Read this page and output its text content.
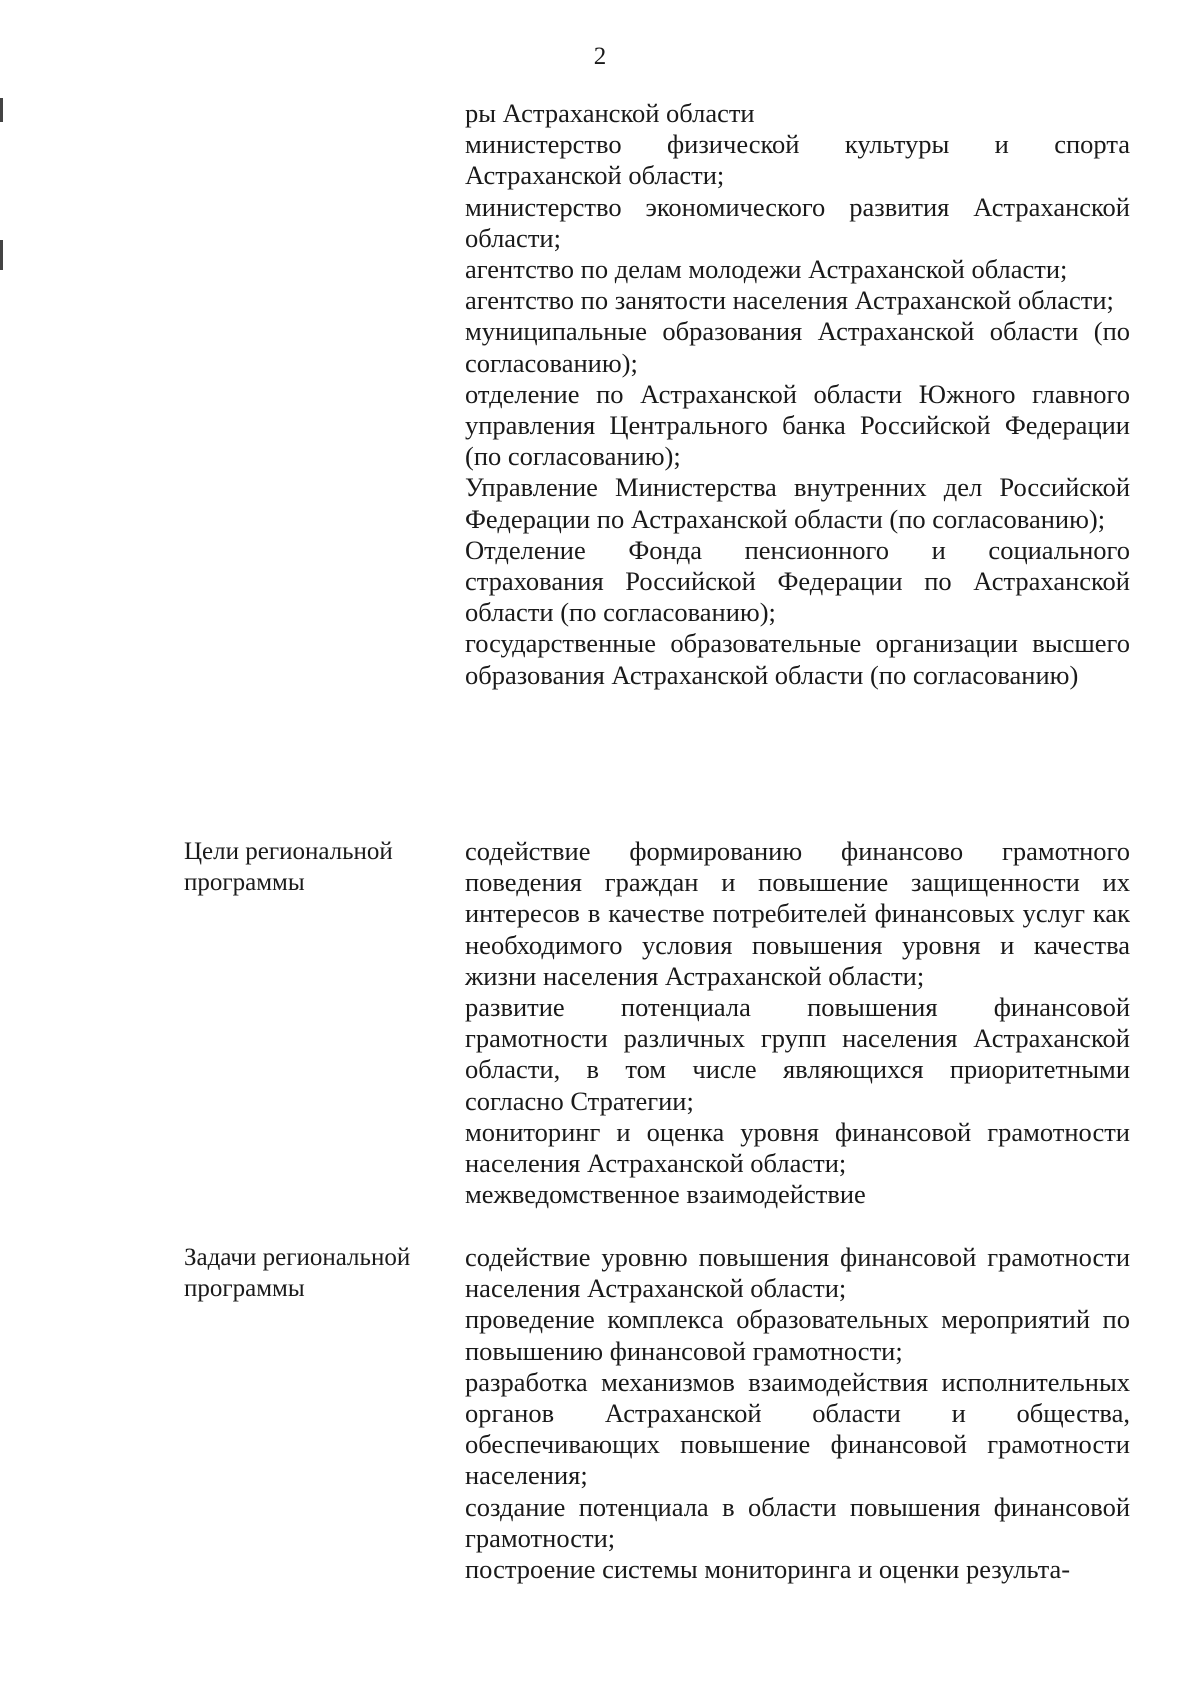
2

ры Астраханской области

министерство физической культуры и спорта Астраханской области;

министерство экономического развития Астраханской области;

агентство по делам молодежи Астраханской области;

агентство по занятости населения Астраханской области;

муниципальные образования Астраханской области (по согласованию);

отделение по Астраханской области Южного главного управления Центрального банка Российской Федерации (по согласованию);

Управление Министерства внутренних дел Российской Федерации по Астраханской области (по согласованию);

Отделение Фонда пенсионного и социального страхования Российской Федерации по Астраханской области (по согласованию);

государственные образовательные организации высшего образования Астраханской области (по согласованию)

Цели региональной программы

содействие формированию финансово грамотного поведения граждан и повышение защищенности их интересов в качестве потребителей финансовых услуг как необходимого условия повышения уровня и качества жизни населения Астраханской области;

развитие потенциала повышения финансовой грамотности различных групп населения Астраханской области, в том числе являющихся приоритетными согласно Стратегии;

мониторинг и оценка уровня финансовой грамотности населения Астраханской области;

межведомственное взаимодействие

Задачи региональной программы

содействие уровню повышения финансовой грамотности населения Астраханской области;

проведение комплекса образовательных мероприятий по повышению финансовой грамотности;

разработка механизмов взаимодействия исполнительных органов Астраханской области и общества, обеспечивающих повышение финансовой грамотности населения;

создание потенциала в области повышения финансовой грамотности;

построение системы мониторинга и оценки результа-
